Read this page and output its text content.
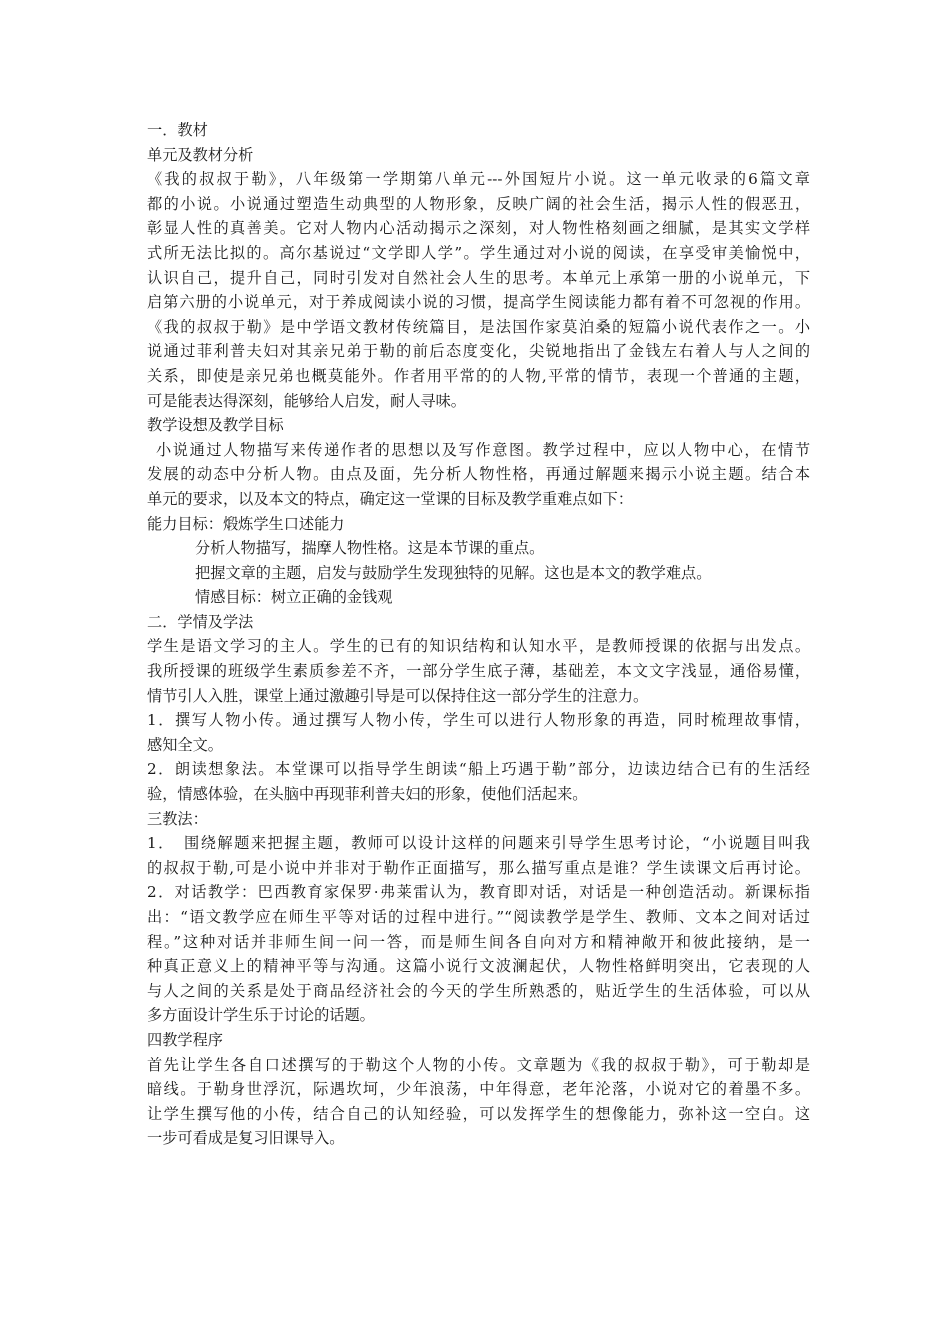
一．教材
单元及教材分析
《我的叔叔于勒》，八年级第一学期第八单元---外国短片小说。这一单元收录的6篇文章
都的小说。小说通过塑造生动典型的人物形象，反映广阔的社会生活，揭示人性的假恶丑，
彰显人性的真善美。它对人物内心活动揭示之深刻，对人物性格刻画之细腻，是其实文学样
式所无法比拟的。高尔基说过“文学即人学”。学生通过对小说的阅读，在享受审美愉悦中，
认识自己，提升自己，同时引发对自然社会人生的思考。本单元上承第一册的小说单元，下
启第六册的小说单元，对于养成阅读小说的习惯，提高学生阅读能力都有着不可忽视的作用。
《我的叔叔于勒》是中学语文教材传统篇目，是法国作家莫泊桑的短篇小说代表作之一。小
说通过菲利普夫妇对其亲兄弟于勒的前后态度变化，尖锐地指出了金钱左右着人与人之间的
关系，即使是亲兄弟也概莫能外。作者用平常的的人物,平常的情节，表现一个普通的主题，
可是能表达得深刻，能够给人启发，耐人寻味。
教学设想及教学目标
小说通过人物描写来传递作者的思想以及写作意图。教学过程中，应以人物中心，在情节
发展的动态中分析人物。由点及面，先分析人物性格，再通过解题来揭示小说主题。结合本
单元的要求，以及本文的特点，确定这一堂课的目标及教学重难点如下：
能力目标：煅炼学生口述能力
分析人物描写，揣摩人物性格。这是本节课的重点。
把握文章的主题，启发与鼓励学生发现独特的见解。这也是本文的教学难点。
情感目标：树立正确的金钱观
二．学情及学法
学生是语文学习的主人。学生的已有的知识结构和认知水平，是教师授课的依据与出发点。
我所授课的班级学生素质参差不齐，一部分学生底子薄，基础差，本文文字浅显，通俗易懂，
情节引人入胜，课堂上通过激趣引导是可以保持住这一部分学生的注意力。
1．撰写人物小传。通过撰写人物小传，学生可以进行人物形象的再造，同时梳理故事情，
感知全文。
2．朗读想象法。本堂课可以指导学生朗读“船上巧遇于勒”部分，边读边结合已有的生活经
验，情感体验，在头脑中再现菲利普夫妇的形象，使他们活起来。
三教法：
1．　围绕解题来把握主题，教师可以设计这样的问题来引导学生思考讨论，“小说题目叫我
的叔叔于勒,可是小说中并非对于勒作正面描写，那么描写重点是谁？学生读课文后再讨论。
2．对话教学：巴西教育家保罗·弗莱雷认为，教育即对话，对话是一种创造活动。新课标指
出：“语文教学应在师生平等对话的过程中进行。”“阅读教学是学生、教师、文本之间对话过
程。”这种对话并非师生间一问一答，而是师生间各自向对方和精神敞开和彼此接纳，是一
种真正意义上的精神平等与沟通。这篇小说行文波澜起伏，人物性格鲜明突出，它表现的人
与人之间的关系是处于商品经济社会的今天的学生所熟悉的，贴近学生的生活体验，可以从
多方面设计学生乐于讨论的话题。
四教学程序
首先让学生各自口述撰写的于勒这个人物的小传。文章题为《我的叔叔于勒》，可于勒却是
暗线。于勒身世浮沉，际遇坎坷，少年浪荡，中年得意，老年沦落，小说对它的着墨不多。
让学生撰写他的小传，结合自己的认知经验，可以发挥学生的想像能力，弥补这一空白。这
一步可看成是复习旧课导入。
